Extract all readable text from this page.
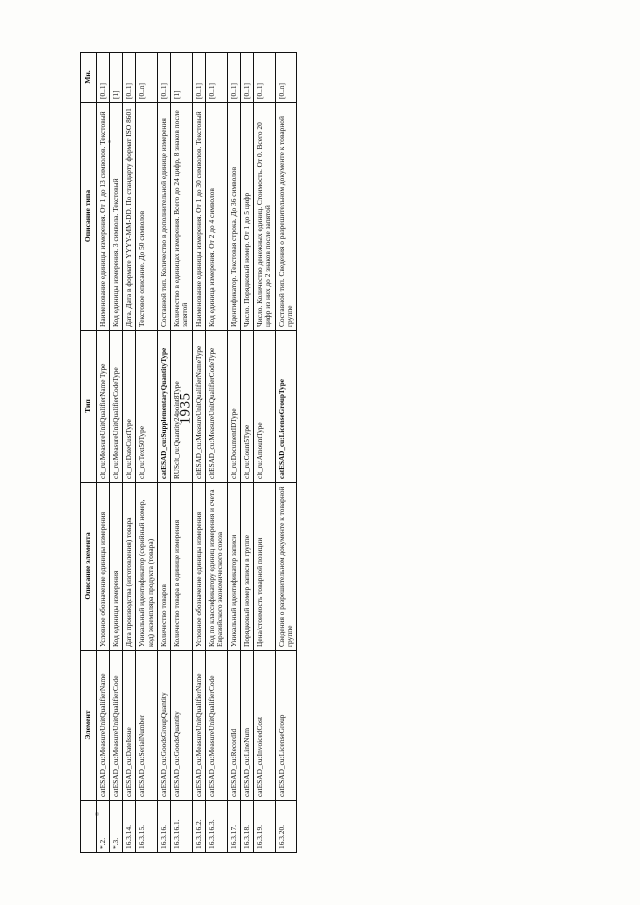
1935
	Элемент	Описание элемента	Тип	Описание типа	Мн.
*.2.	catESAD_cu:MeasureUnitQualifierName	Условное обозначение единицы измерения	clt_ru:MeasureUnitQualifierName Type	Наименование единицы измерения. От 1 до 13 символов. Текстовый	[0..1]
*.3.	catESAD_cu:MeasureUnitQualifierCode	Код единицы измерения	clt_ru:MeasureUnitQualifierCodeType	Код единицы измерения. 3 символа. Текстовый	[1]
16.3.14.	catESAD_cu:DateIssue	Дата производства (изготовления) товара	clt_ru:DateCustType	Дата. Дата в формате YYYY-MM-DD. По стандарту формат ISO 8601	[0..1]
16.3.15.	catESAD_cu:SerialNumber	Уникальный идентификатор (серийный номер, код) экземпляра продукта (товара)	clt_ru:Text50Type	Текстовое описание. До 50 символов	[0..n]
16.3.16.	catESAD_cu:GoodsGroupQuantity	Количество товаров	catESAD_cu:SupplementaryQuantityType	Составной тип. Количество в дополнительной единице измерения	[0..1]
16.3.16.1.	catESAD_cu:GoodsQuantity	Количество товара в единице измерения	RUSclt_ru:Quantity24point8Type	Количество в единицах измерения. Всего до 24 цифр, 8 знаков после запятой	[1]
16.3.16.2.	catESAD_cu:MeasureUnitQualifierName	Условное обозначение единицы измерения	cltESAD_cu:MeasureUnitQualifierNameType	Наименование единицы измерения. От 1 до 30 символов. Текстовый	[0..1]
16.3.16.3.	catESAD_cu:MeasureUnitQualifierCode	Код по классификатору единиц измерения и счета Евразийского экономического союза	cltESAD_cu:MeasureUnitQualifierCodeType	Код единица измерения. От 2 до 4 символов	[0..1]
16.3.17.	catESAD_cu:RecordId	Уникальный идентификатор записи	clt_ru:DocumentIDType	Идентификатор. Текстовая строка. До 36 символов	[0..1]
16.3.18.	catESAD_cu:LineNum	Порядковый номер записи в группе	clt_ru:Count5Type	Число. Порядковый номер. От 1 до 5 цифр	[0..1]
16.3.19.	catESAD_cu:InvoicedCost	Цена/стоимость товарной позиции	clt_ru:AmountType	Число. Количество денежных единиц. Стоимость. От 0. Всего 20 цифр из них до 2 знаков после запятой	[0..1]
16.3.20.	catESAD_cu:LicenseGroup	Сведения о разрешительном документе к товарной группе	catESAD_cu:LicenseGroupType	Составной тип. Сведения о разрешительном документе к товарной группе	[0..n]
